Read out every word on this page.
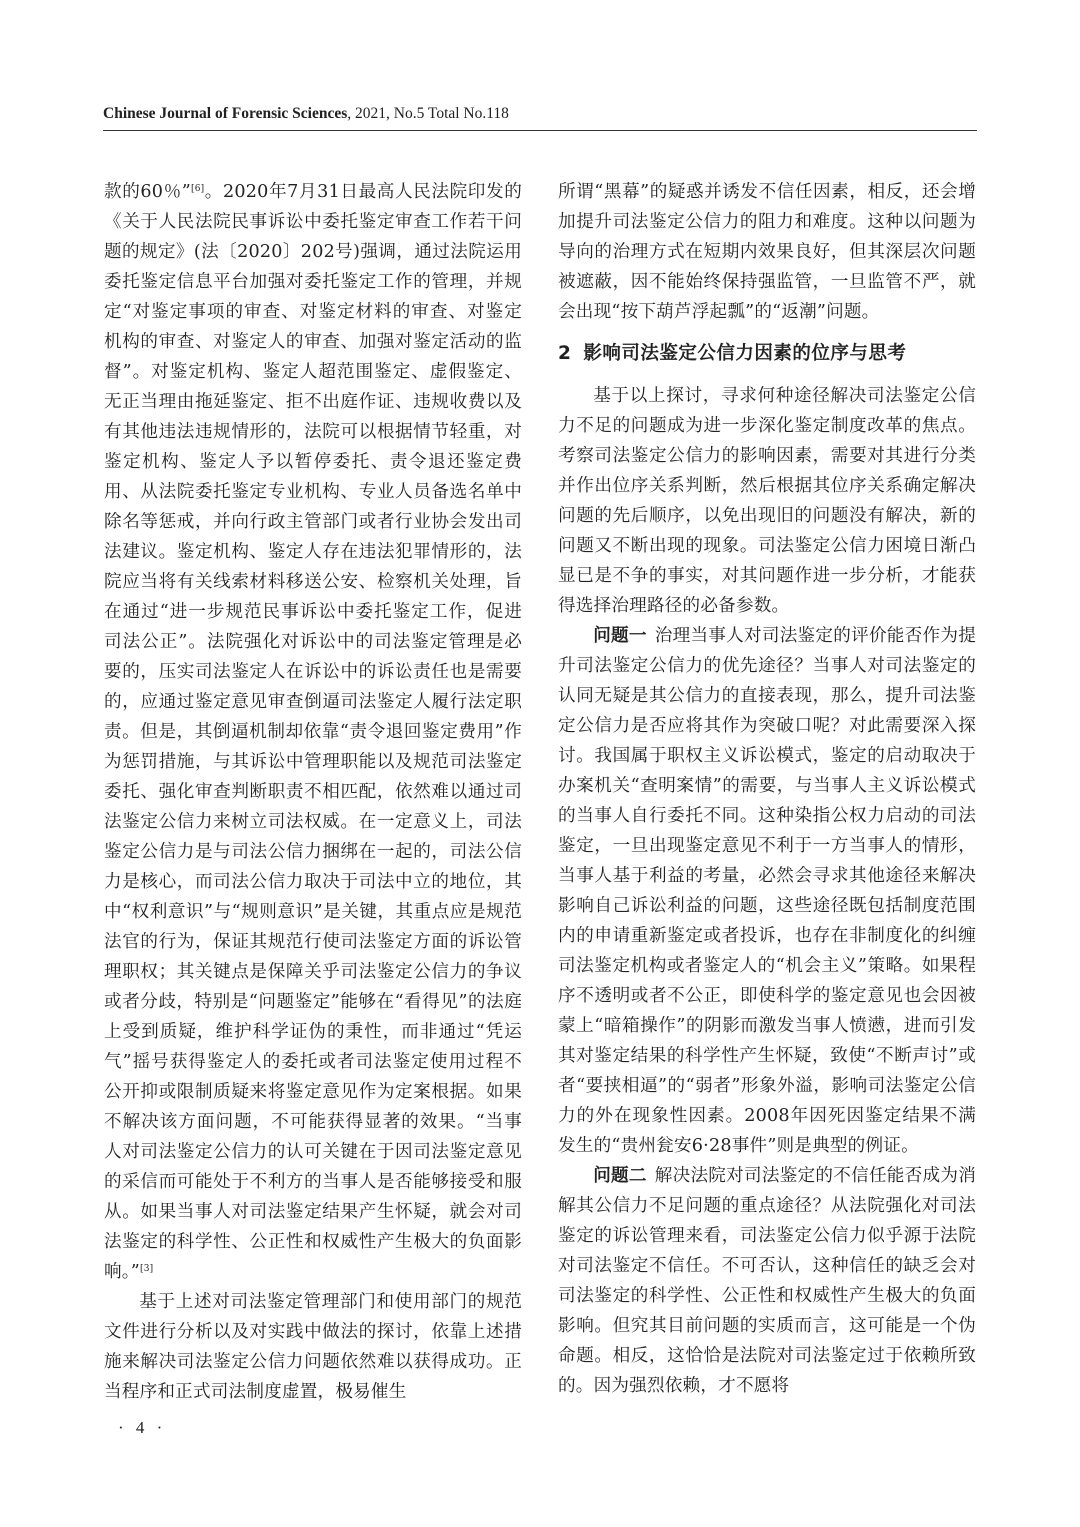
Chinese Journal of Forensic Sciences, 2021, No.5 Total No.118

款的60％”[6]。2020年7月31日最高人民法院印发的《关于人民法院民事诉讼中委托鉴定审查工作若干问题的规定》(法〔2020〕202号)强调，通过法院运用委托鉴定信息平台加强对委托鉴定工作的管理，并规定“对鉴定事项的审查、对鉴定材料的审查、对鉴定机构的审查、对鉴定人的审查、加强对鉴定活动的监督”。对鉴定机构、鉴定人超范围鉴定、虚假鉴定、无正当理由拖延鉴定、拒不出庭作证、违规收费以及有其他违法违规情形的，法院可以根据情节轻重，对鉴定机构、鉴定人予以暂停委托、责令退还鉴定费用、从法院委托鉴定专业机构、专业人员备选名单中除名等惩戒，并向行政主管部门或者行业协会发出司法建议。鉴定机构、鉴定人存在违法犯罪情形的，法院应当将有关线索材料移送公安、检察机关处理，旨在通过“进一步规范民事诉讼中委托鉴定工作，促进司法公正”。法院强化对诉讼中的司法鉴定管理是必要的，压实司法鉴定人在诉讼中的诉讼责任也是需要的，应通过鉴定意见审查倒逼司法鉴定人履行法定职责。但是，其倒逼机制却依靠“责令退回鉴定费用”作为惩罚措施，与其诉讼中管理职能以及规范司法鉴定委托、强化审查判断职责不相匹配，依然难以通过司法鉴定公信力来树立司法权威。在一定意义上，司法鉴定公信力是与司法公信力捆绑在一起的，司法公信力是核心，而司法公信力取决于司法中立的地位，其中“权利意识”与“规则意识”是关键，其重点应是规范法官的行为，保证其规范行使司法鉴定方面的诉讼管理职权；其关键点是保障关乎司法鉴定公信力的争议或者分歧，特别是“问题鉴定”能够在“看得见”的法庭上受到质疑，维护科学证伪的秉性，而非通过“凭运气”摇号获得鉴定人的委托或者司法鉴定使用过程不公开抑或限制质疑来将鉴定意见作为定案根据。如果不解决该方面问题，不可能获得显著的效果。“当事人对司法鉴定公信力的认可关键在于因司法鉴定意见的采信而可能处于不利方的当事人是否能够接受和服从。如果当事人对司法鉴定结果产生怀疑，就会对司法鉴定的科学性、公正性和权威性产生极大的负面影响。”[3]

基于上述对司法鉴定管理部门和使用部门的规范文件进行分析以及对实践中做法的探讨，依靠上述措施来解决司法鉴定公信力问题依然难以获得成功。正当程序和正式司法制度虚置，极易催生

所谓“黑幕”的疑惑并诱发不信任因素，相反，还会增加提升司法鉴定公信力的阻力和难度。这种以问题为导向的治理方式在短期内效果良好，但其深层次问题被遮蔽，因不能始终保持强监管，一旦监管不严，就会出现“按下葫芦浮起瓢”的“返潮”问题。

2 影响司法鉴定公信力因素的位序与思考

基于以上探讨，寻求何种途径解决司法鉴定公信力不足的问题成为进一步深化鉴定制度改革的焦点。考察司法鉴定公信力的影响因素，需要对其进行分类并作出位序关系判断，然后根据其位序关系确定解决问题的先后顺序，以免出现旧的问题没有解决，新的问题又不断出现的现象。司法鉴定公信力困境日渐凸显已是不争的事实，对其问题作进一步分析，才能获得选择治理路径的必备参数。

问题一 治理当事人对司法鉴定的评价能否作为提升司法鉴定公信力的优先途径？当事人对司法鉴定的认同无疑是其公信力的直接表现，那么，提升司法鉴定公信力是否应将其作为突破口呢？对此需要深入探讨。我国属于职权主义诉讼模式，鉴定的启动取决于办案机关“查明案情”的需要，与当事人主义诉讼模式的当事人自行委托不同。这种染指公权力启动的司法鉴定，一旦出现鉴定意见不利于一方当事人的情形，当事人基于利益的考量，必然会寻求其他途径来解决影响自己诉讼利益的问题，这些途径既包括制度范围内的申请重新鉴定或者投诉，也存在非制度化的纠缠司法鉴定机构或者鉴定人的“机会主义”策略。如果程序不透明或者不公正，即使科学的鉴定意见也会因被蒙上“暗箱操作”的阴影而激发当事人愤懑，进而引发其对鉴定结果的科学性产生怀疑，致使“不断声讨”或者“要挟相逼”的“弱者”形象外溢，影响司法鉴定公信力的外在现象性因素。2008年因死因鉴定结果不满发生的“贵州瓮安6·28事件”则是典型的例证。

问题二 解决法院对司法鉴定的不信任能否成为消解其公信力不足问题的重点途径？从法院强化对司法鉴定的诉讼管理来看，司法鉴定公信力似乎源于法院对司法鉴定不信任。不可否认，这种信任的缺乏会对司法鉴定的科学性、公正性和权威性产生极大的负面影响。但究其目前问题的实质而言，这可能是一个伪命题。相反，这恰恰是法院对司法鉴定过于依赖所致的。因为强烈依赖，才不愿将

· 4 ·
